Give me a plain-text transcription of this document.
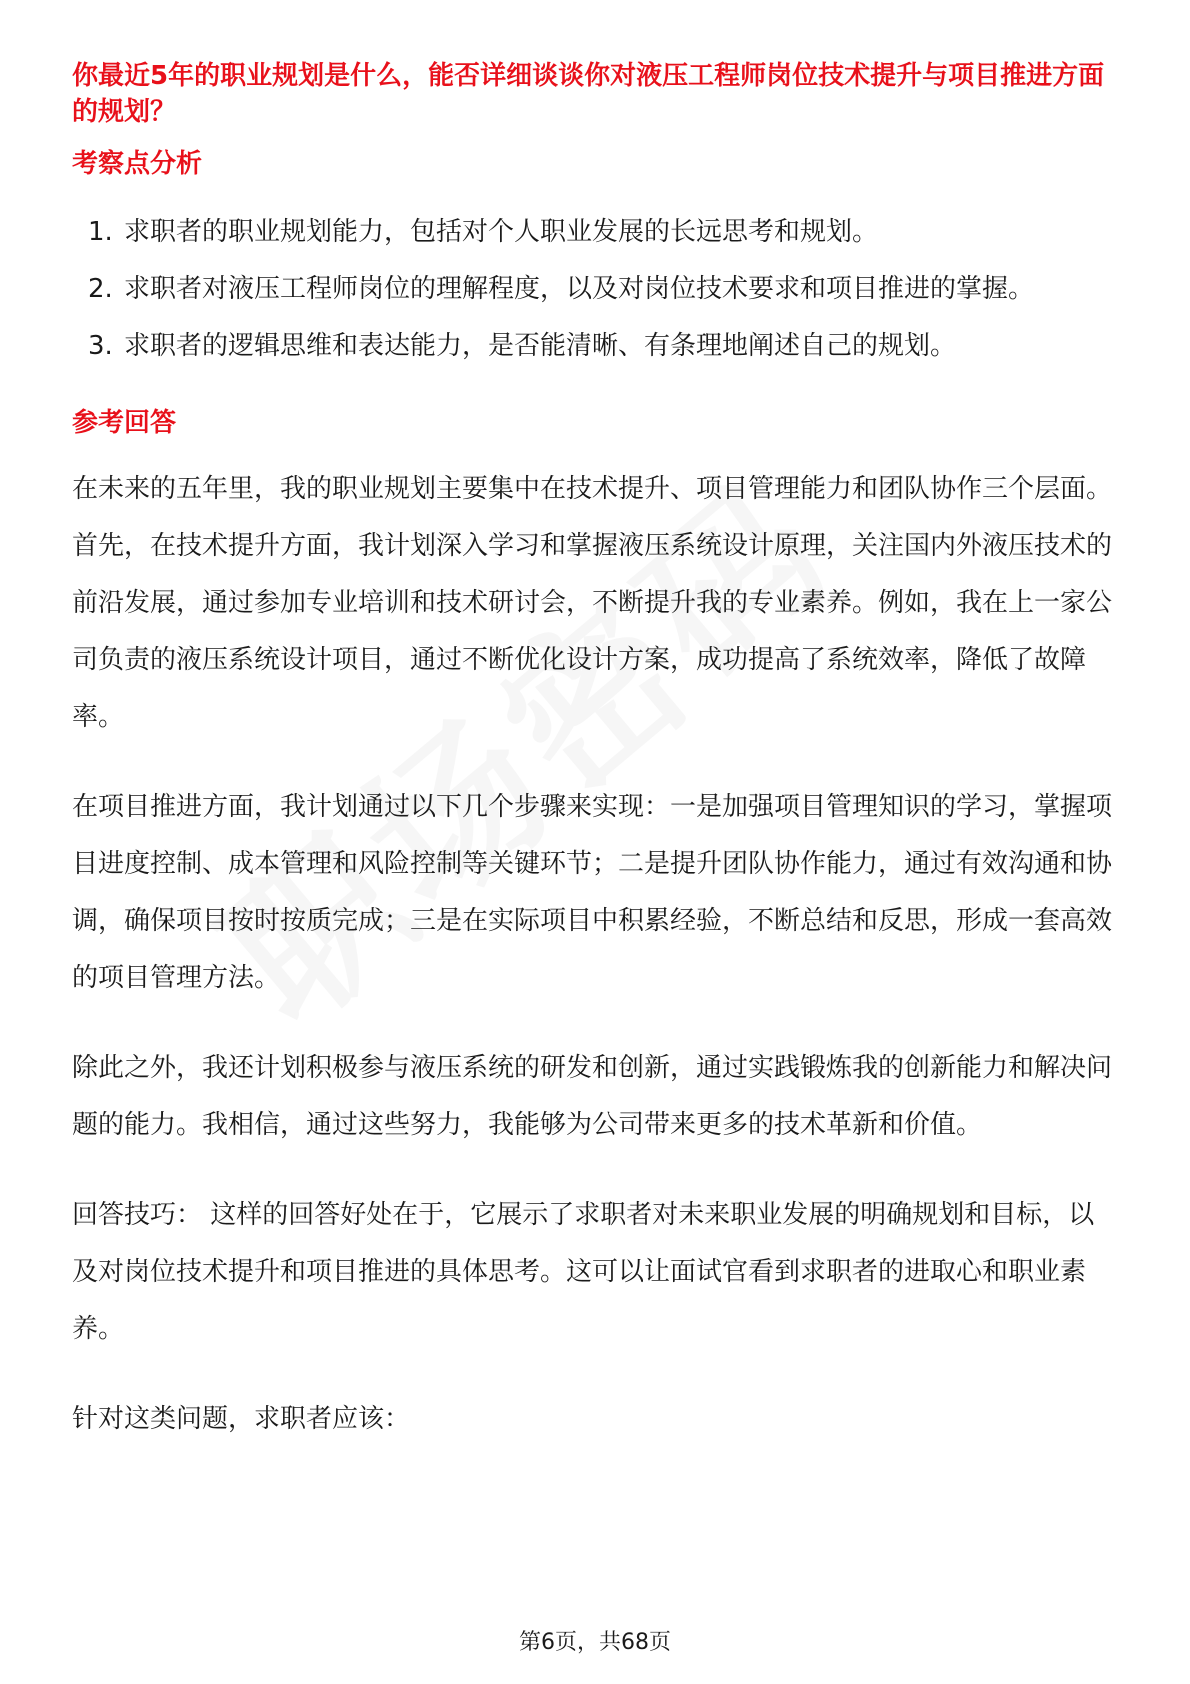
你最近5年的职业规划是什么，能否详细谈谈你对液压工程师岗位技术提升与项目推进方面的规划？
考察点分析
1. 求职者的职业规划能力，包括对个人职业发展的长远思考和规划。
2. 求职者对液压工程师岗位的理解程度，以及对岗位技术要求和项目推进的掌握。
3. 求职者的逻辑思维和表达能力，是否能清晰、有条理地阐述自己的规划。
参考回答

在未来的五年里，我的职业规划主要集中在技术提升、项目管理能力和团队协作三个层面。首先，在技术提升方面，我计划深入学习和掌握液压系统设计原理，关注国内外液压技术的前沿发展，通过参加专业培训和技术研讨会，不断提升我的专业素养。例如，我在上一家公司负责的液压系统设计项目，通过不断优化设计方案，成功提高了系统效率，降低了故障率。

在项目推进方面，我计划通过以下几个步骤来实现：一是加强项目管理知识的学习，掌握项目进度控制、成本管理和风险控制等关键环节；二是提升团队协作能力，通过有效沟通和协调，确保项目按时按质完成；三是在实际项目中积累经验，不断总结和反思，形成一套高效的项目管理方法。

除此之外，我还计划积极参与液压系统的研发和创新，通过实践锻炼我的创新能力和解决问题的能力。我相信，通过这些努力，我能够为公司带来更多的技术革新和价值。

回答技巧： 这样的回答好处在于，它展示了求职者对未来职业发展的明确规划和目标，以及对岗位技术提升和项目推进的具体思考。这可以让面试官看到求职者的进取心和职业素养。

针对这类问题，求职者应该：

第6页，共68页
